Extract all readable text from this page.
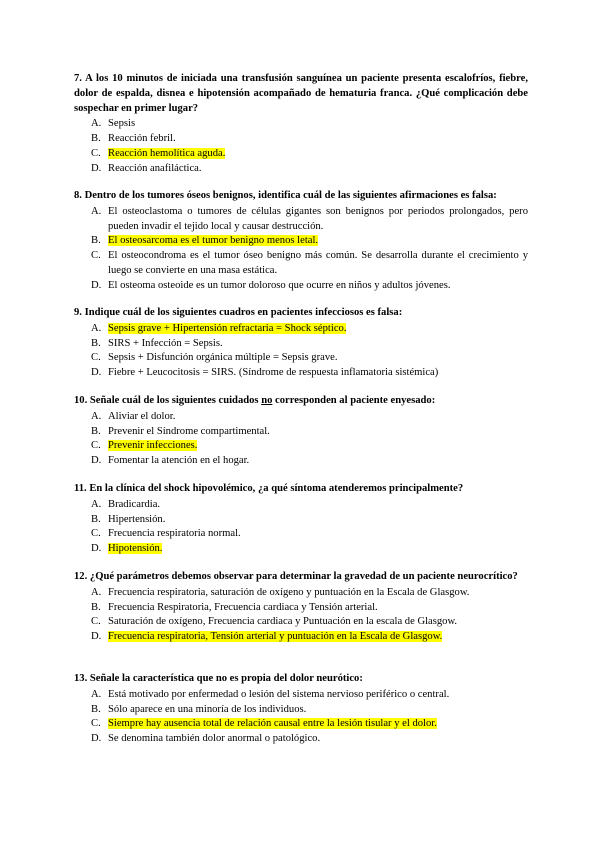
7. A los 10 minutos de iniciada una transfusión sanguínea un paciente presenta escalofríos, fiebre, dolor de espalda, disnea e hipotensión acompañado de hematuria franca. ¿Qué complicación debe sospechar en primer lugar?

A. Sepsis
B. Reacción febril.
C. Reacción hemolítica aguda.
D. Reacción anafiláctica.

8. Dentro de los tumores óseos benignos, identifica cuál de las siguientes afirmaciones es falsa:

A. El osteoclastoma o tumores de células gigantes son benignos por periodos prolongados, pero pueden invadir el tejido local y causar destrucción.
B. El osteosarcoma es el tumor benigno menos letal.
C. El osteocondroma es el tumor óseo benigno más común. Se desarrolla durante el crecimiento y luego se convierte en una masa estática.
D. El osteoma osteoide es un tumor doloroso que ocurre en niños y adultos jóvenes.

9. Indique cuál de los siguientes cuadros en pacientes infecciosos es falsa:

A. Sepsis grave + Hipertensión refractaria = Shock séptico.
B. SIRS + Infección = Sepsis.
C. Sepsis + Disfunción orgánica múltiple = Sepsis grave.
D. Fiebre + Leucocitosis = SIRS. (Síndrome de respuesta inflamatoria sistémica)

10. Señale cuál de los siguientes cuidados no corresponden al paciente enyesado:

A. Aliviar el dolor.
B. Prevenir el Síndrome compartimental.
C. Prevenir infecciones.
D. Fomentar la atención en el hogar.

11. En la clínica del shock hipovolémico, ¿a qué síntoma atenderemos principalmente?

A. Bradicardia.
B. Hipertensión.
C. Frecuencia respiratoria normal.
D. Hipotensión.

12. ¿Qué parámetros debemos observar para determinar la gravedad de un paciente neurocrítico?

A. Frecuencia respiratoria, saturación de oxígeno y puntuación en la Escala de Glasgow.
B. Frecuencia Respiratoria, Frecuencia cardiaca y Tensión arterial.
C. Saturación de oxígeno, Frecuencia cardiaca y Puntuación en la escala de Glasgow.
D. Frecuencia respiratoria, Tensión arterial y puntuación en la Escala de Glasgow.

13. Señale la característica que no es propia del dolor neurótico:

A. Está motivado por enfermedad o lesión del sistema nervioso periférico o central.
B. Sólo aparece en una minoría de los individuos.
C. Siempre hay ausencia total de relación causal entre la lesión tisular y el dolor.
D. Se denomina también dolor anormal o patológico.
